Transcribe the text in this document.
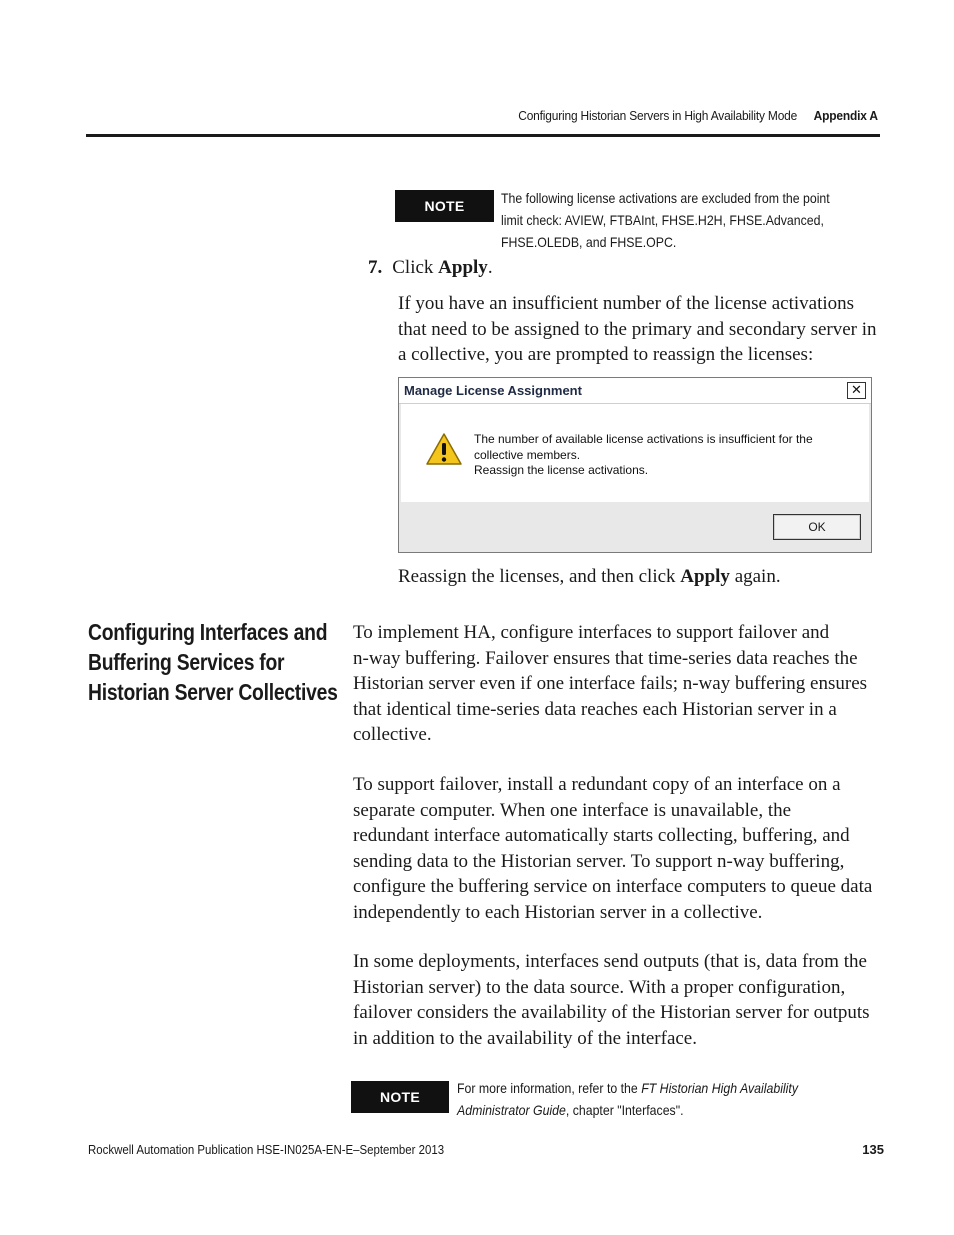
Configuring Historian Servers in High Availability Mode Appendix A
NOTE	The following license activations are excluded from the point
limit check: AVIEW, FTBAInt, FHSE.H2H, FHSE.Advanced,
FHSE.OLEDB, and FHSE.OPC.
7. Click Apply.
If you have an insufficient number of the license activations
that need to be assigned to the primary and secondary server in
a collective, you are prompted to reassign the licenses:
Manage License Assignment	✕
The number of available license activations is insufficient for the
collective members.
Reassign the license activations.
OK
Reassign the licenses, and then click Apply again.
Configuring Interfaces and
Buffering Services for
Historian Server Collectives
To implement HA, configure interfaces to support failover and
n-way buffering. Failover ensures that time-series data reaches the
Historian server even if one interface fails; n-way buffering ensures
that identical time-series data reaches each Historian server in a
collective.
To support failover, install a redundant copy of an interface on a
separate computer. When one interface is unavailable, the
redundant interface automatically starts collecting, buffering, and
sending data to the Historian server. To support n-way buffering,
configure the buffering service on interface computers to queue data
independently to each Historian server in a collective.
In some deployments, interfaces send outputs (that is, data from the
Historian server) to the data source. With a proper configuration,
failover considers the availability of the Historian server for outputs
in addition to the availability of the interface.
NOTE
For more information, refer to the FT Historian High Availability
Administrator Guide, chapter "Interfaces".
Rockwell Automation Publication HSE-IN025A-EN-E–September 2013	135
